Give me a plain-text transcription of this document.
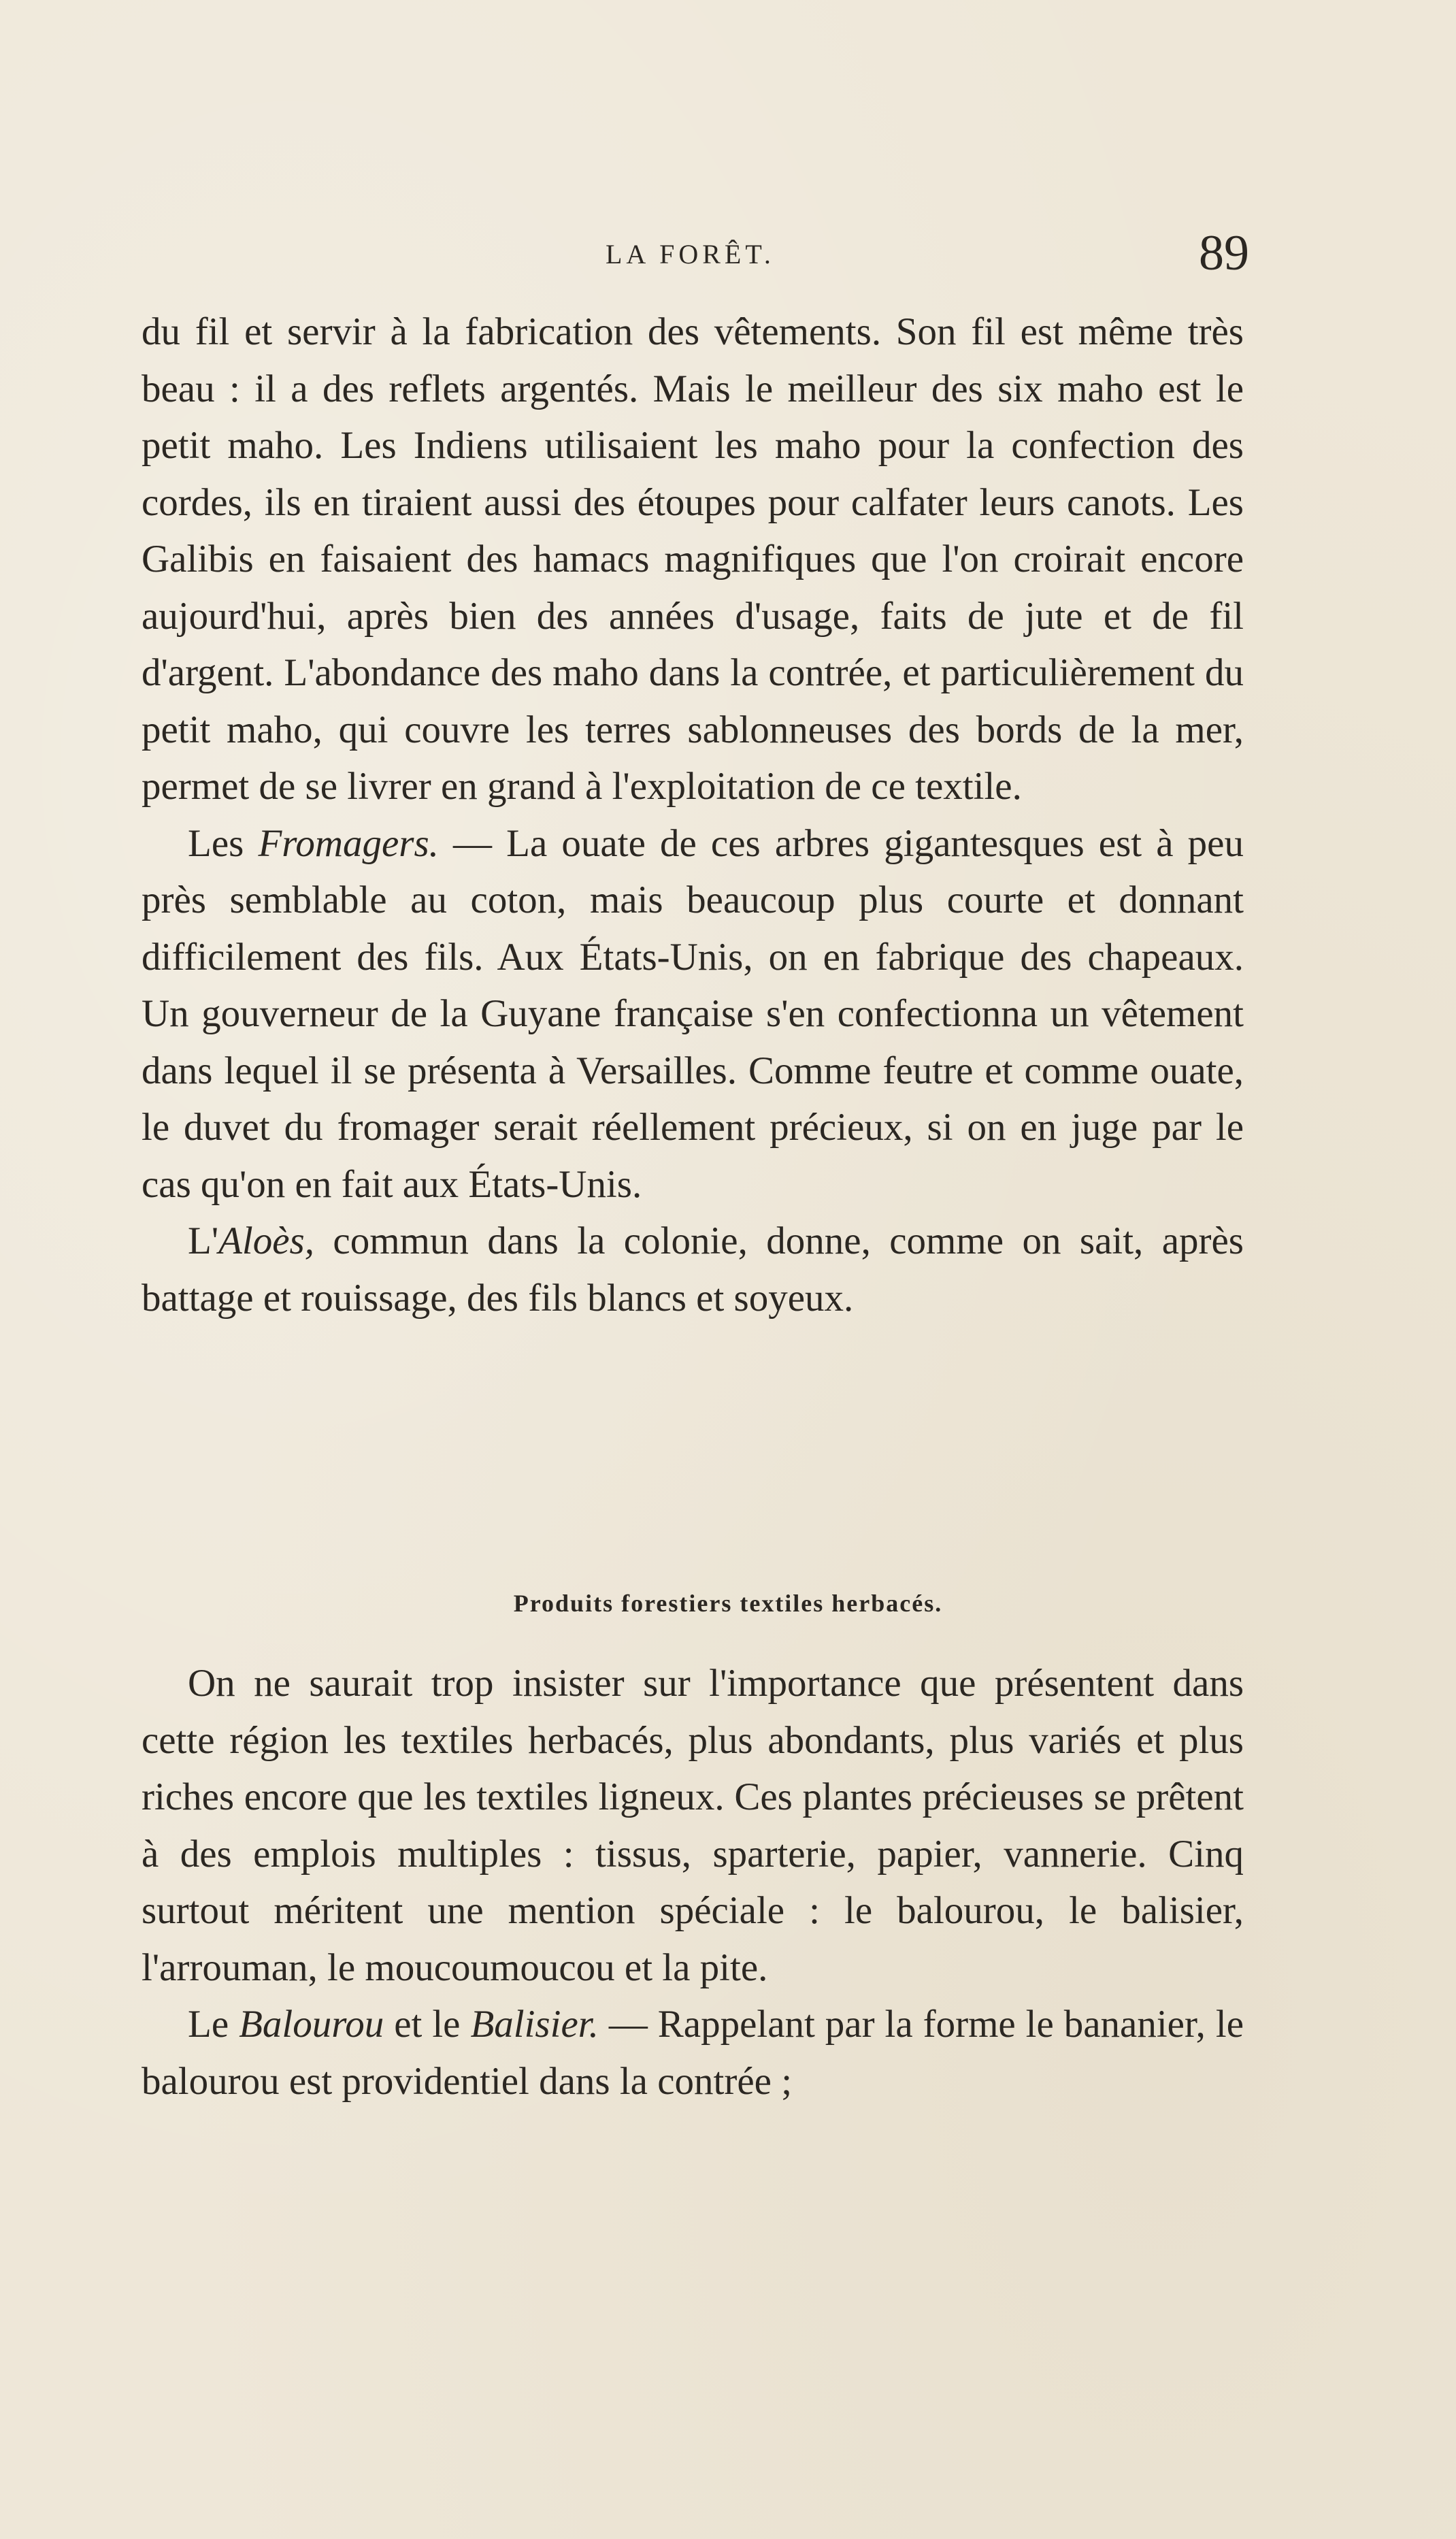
LA FORÊT.	89

du fil et servir à la fabrication des vêtements. Son fil est même très beau : il a des reflets argentés. Mais le meilleur des six maho est le petit maho. Les Indiens utilisaient les maho pour la confection des cordes, ils en tiraient aussi des étoupes pour calfater leurs canots. Les Galibis en faisaient des hamacs magnifiques que l'on croirait encore aujourd'hui, après bien des années d'usage, faits de jute et de fil d'argent. L'abondance des maho dans la contrée, et particulièrement du petit maho, qui couvre les terres sablonneuses des bords de la mer, permet de se livrer en grand à l'exploitation de ce textile.

Les Fromagers. — La ouate de ces arbres gigantesques est à peu près semblable au coton, mais beaucoup plus courte et donnant difficilement des fils. Aux États-Unis, on en fabrique des chapeaux. Un gouverneur de la Guyane française s'en confectionna un vêtement dans lequel il se présenta à Versailles. Comme feutre et comme ouate, le duvet du fromager serait réellement précieux, si on en juge par le cas qu'on en fait aux États-Unis.

L'Aloès, commun dans la colonie, donne, comme on sait, après battage et rouissage, des fils blancs et soyeux.

Produits forestiers textiles herbacés.

On ne saurait trop insister sur l'importance que présentent dans cette région les textiles herbacés, plus abondants, plus variés et plus riches encore que les textiles ligneux. Ces plantes précieuses se prêtent à des emplois multiples : tissus, sparterie, papier, vannerie. Cinq surtout méritent une mention spéciale : le balourou, le balisier, l'arrouman, le moucoumoucou et la pite.

Le Balourou et le Balisier. — Rappelant par la forme le bananier, le balourou est providentiel dans la contrée ;
